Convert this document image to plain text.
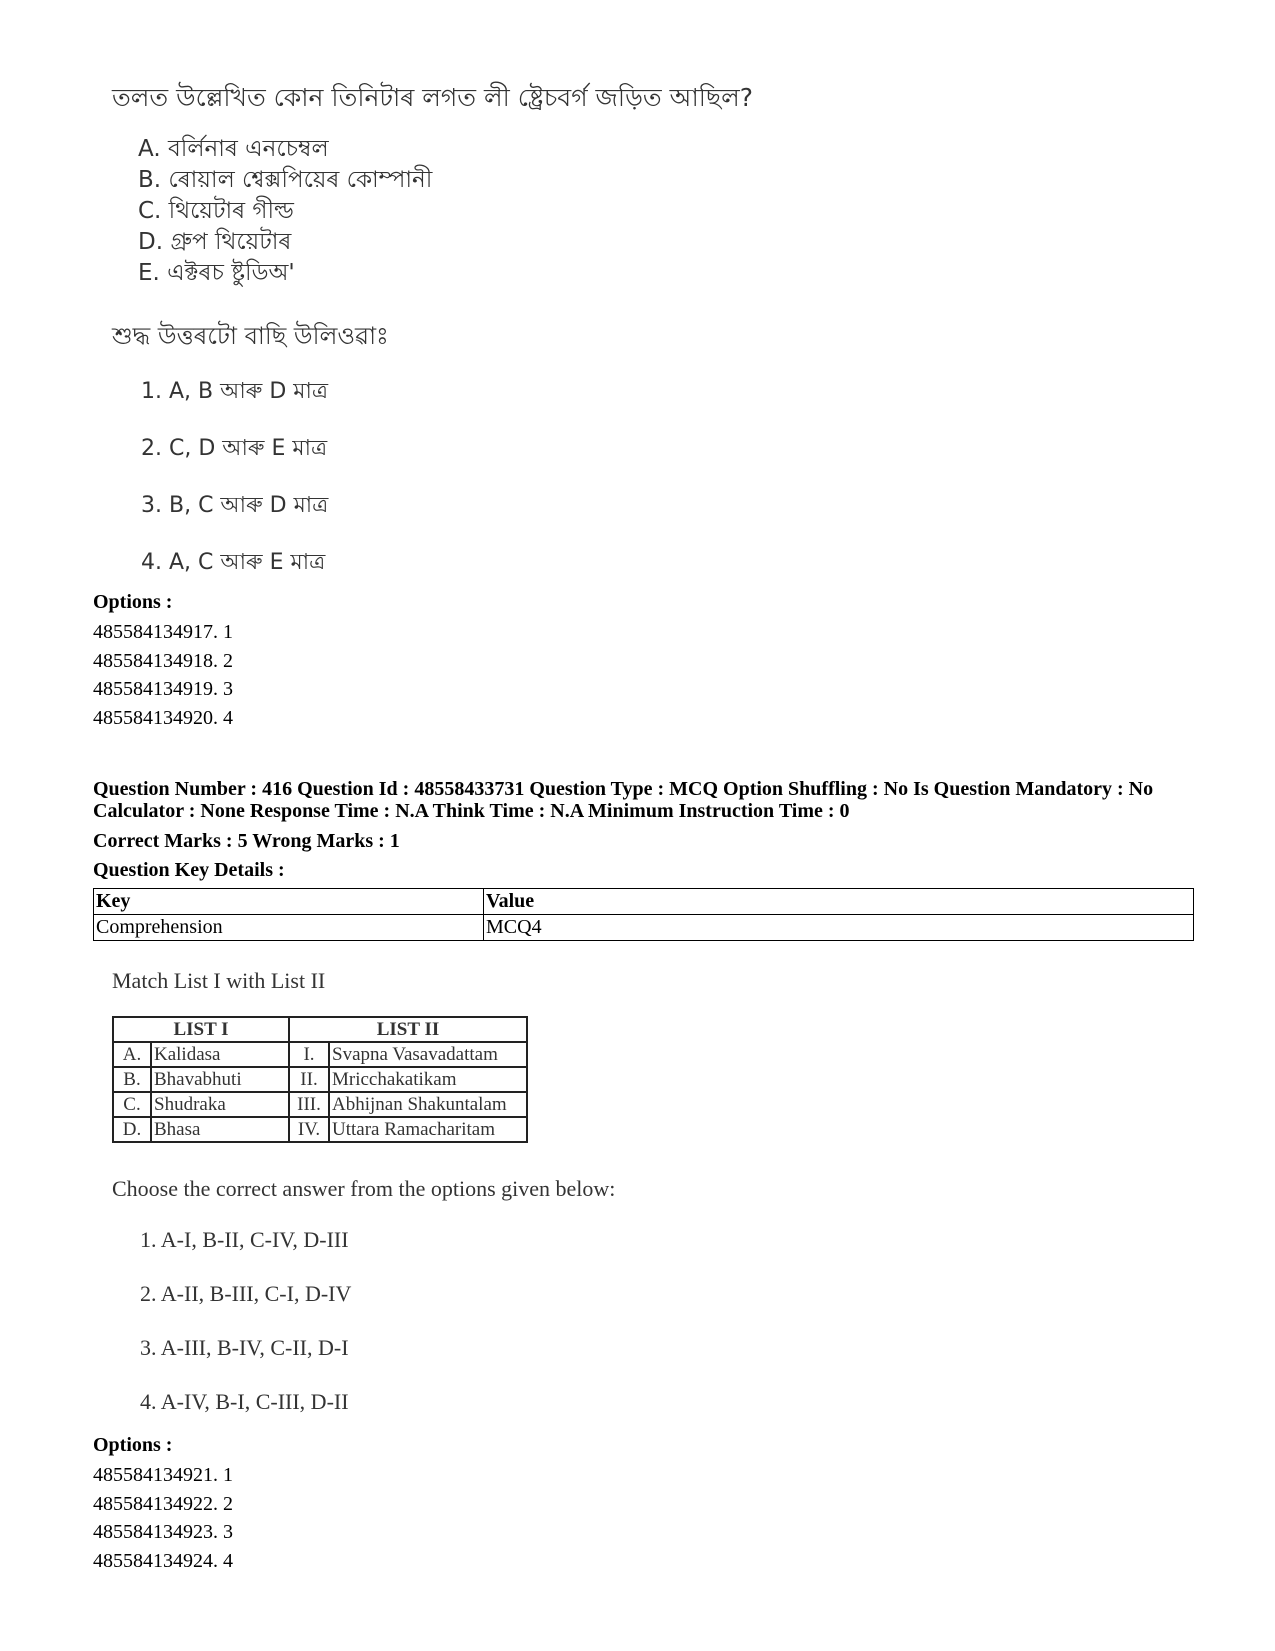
তলত উল্লেখিত কোন তিনিটাৰ লগত লী ষ্ট্রেচবর্গ জড়িত আছিল?
A. বর্লিনাৰ এনচেম্বল
B. ৰোয়াল শ্বেক্সপিয়েৰ কোম্পানী
C. থিয়েটাৰ গীল্ড
D. গ্ৰুপ থিয়েটাৰ
E. এক্টৰচ ষ্টুডিঅ'
শুদ্ধ উত্তৰটো বাছি উলিওৱাঃ
1. A, B আৰু D মাত্ৰ
2. C, D আৰু E মাত্ৰ
3. B, C আৰু D মাত্ৰ
4. A, C আৰু E মাত্ৰ
Options :
485584134917. 1
485584134918. 2
485584134919. 3
485584134920. 4
Question Number : 416 Question Id : 48558433731 Question Type : MCQ Option Shuffling : No Is Question Mandatory : No Calculator : None Response Time : N.A Think Time : N.A Minimum Instruction Time : 0
Correct Marks : 5 Wrong Marks : 1
Question Key Details :
Key	Value
Comprehension	MCQ4
Match List I with List II
LIST I		LIST II	
A.	Kalidasa	I.	Svapna Vasavadattam
B.	Bhavabhuti	II.	Mricchakatikam
C.	Shudraka	III.	Abhijnan Shakuntalam
D.	Bhasa	IV.	Uttara Ramacharitam
Choose the correct answer from the options given below:
1. A-I, B-II, C-IV, D-III
2. A-II, B-III, C-I, D-IV
3. A-III, B-IV, C-II, D-I
4. A-IV, B-I, C-III, D-II
Options :
485584134921. 1
485584134922. 2
485584134923. 3
485584134924. 4
